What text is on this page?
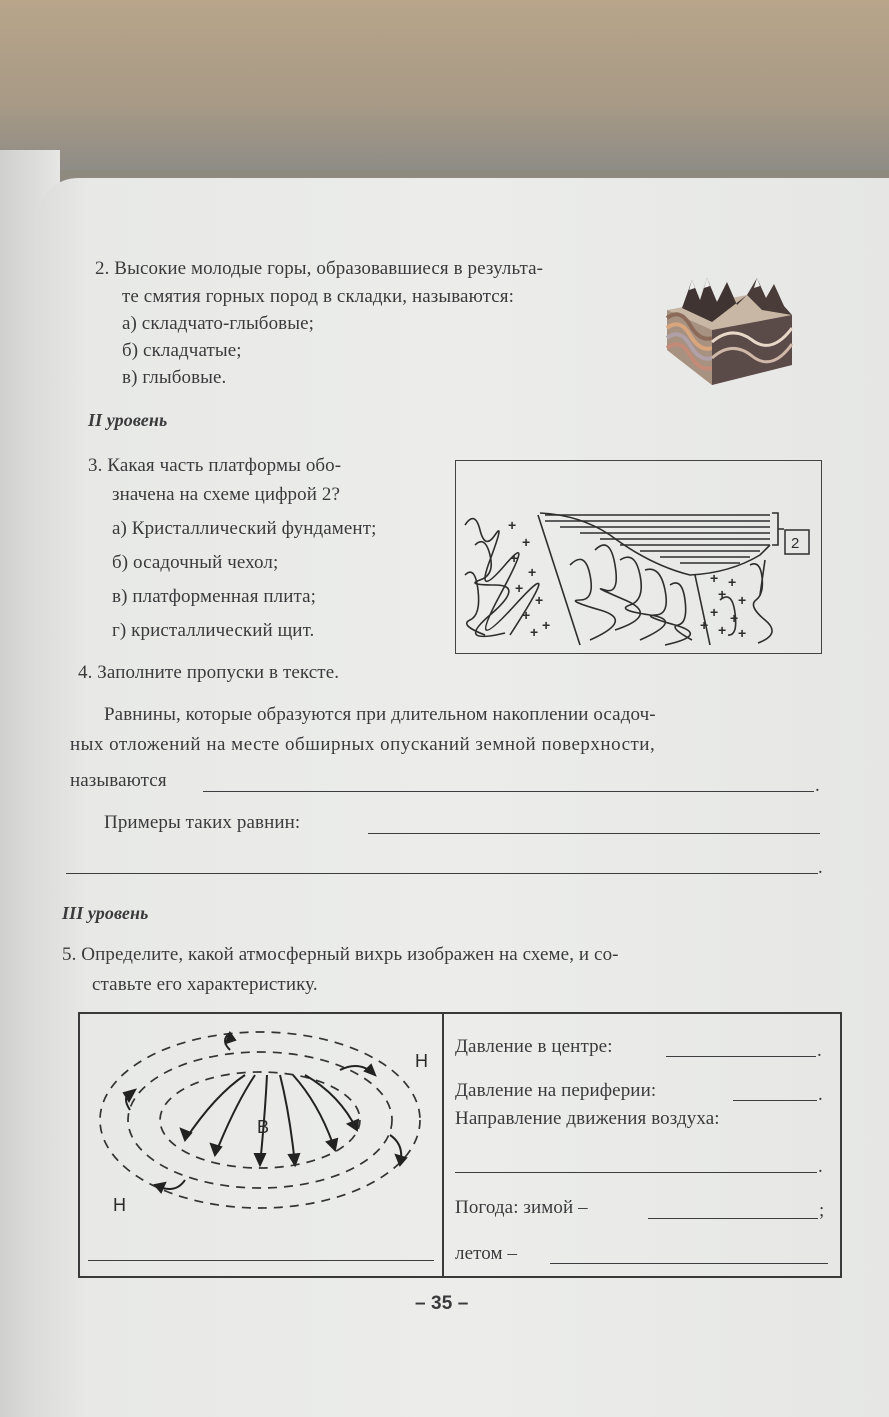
2. Высокие молодые горы, образовавшиеся в результа-
те смятия горных пород в складки, называются:
а) складчато-глыбовые;
б) складчатые;
в) глыбовые.
II уровень
3. Какая часть платформы обо-
значена на схеме цифрой 2?
а) Кристаллический фундамент;
б) осадочный чехол;
в) платформенная плита;
г) кристаллический щит.
+
+
+
+
+
+
+
+
+
+ +
+ +
+ +
+ +
+
2
4. Заполните пропуски в тексте.
Равнины, которые образуются при длительном накоплении осадоч-
ных отложений на месте обширных опусканий земной поверхности,
называются	.
Примеры таких равнин:
.
III уровень
5. Определите, какой атмосферный вихрь изображен на схеме, и со-
ставьте его характеристику.
В
Н
Н
Давление в центре:	.
Давление на периферии:	.
Направление движения воздуха:
.
Погода: зимой –	;
летом –
– 35 –
